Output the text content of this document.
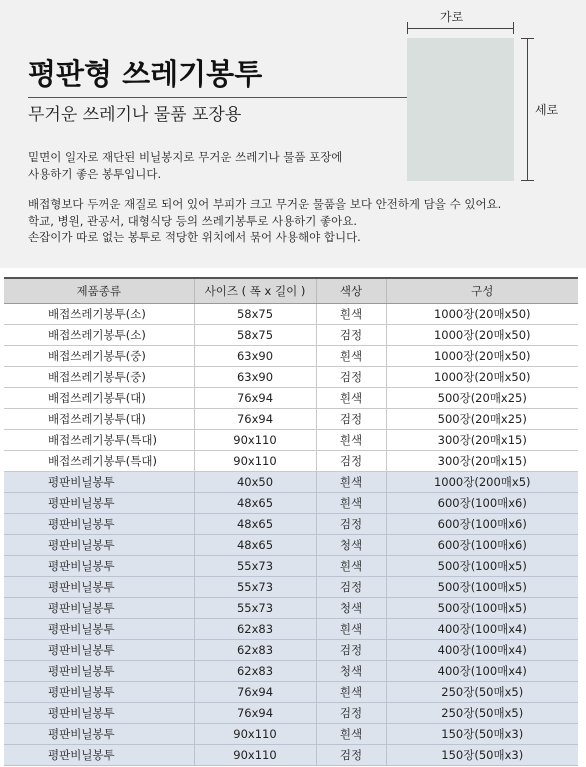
평판형 쓰레기봉투
무거운 쓰레기나 물품 포장용
밑면이 일자로 재단된 비닐봉지로 무거운 쓰레기나 물품 포장에
사용하기 좋은 봉투입니다.
배접형보다 두꺼운 재질로 되어 있어 부피가 크고 무거운 물품을 보다 안전하게 담을 수 있어요.
학교, 병원, 관공서, 대형식당 등의 쓰레기봉투로 사용하기 좋아요.
손잡이가 따로 없는 봉투로 적당한 위치에서 묶어 사용해야 합니다.
가로
세로
제품종류	사이즈 ( 폭 x 길이 )	색상	구성
배접쓰레기봉투(소)	58x75	흰색	1000장(20매x50)
배접쓰레기봉투(소)	58x75	검정	1000장(20매x50)
배접쓰레기봉투(중)	63x90	흰색	1000장(20매x50)
배접쓰레기봉투(중)	63x90	검정	1000장(20매x50)
배접쓰레기봉투(대)	76x94	흰색	500장(20매x25)
배접쓰레기봉투(대)	76x94	검정	500장(20매x25)
배접쓰레기봉투(특대)	90x110	흰색	300장(20매x15)
배접쓰레기봉투(특대)	90x110	검정	300장(20매x15)
평판비닐봉투	40x50	흰색	1000장(200매x5)
평판비닐봉투	48x65	흰색	600장(100매x6)
평판비닐봉투	48x65	검정	600장(100매x6)
평판비닐봉투	48x65	청색	600장(100매x6)
평판비닐봉투	55x73	흰색	500장(100매x5)
평판비닐봉투	55x73	검정	500장(100매x5)
평판비닐봉투	55x73	청색	500장(100매x5)
평판비닐봉투	62x83	흰색	400장(100매x4)
평판비닐봉투	62x83	검정	400장(100매x4)
평판비닐봉투	62x83	청색	400장(100매x4)
평판비닐봉투	76x94	흰색	250장(50매x5)
평판비닐봉투	76x94	검정	250장(50매x5)
평판비닐봉투	90x110	흰색	150장(50매x3)
평판비닐봉투	90x110	검정	150장(50매x3)
